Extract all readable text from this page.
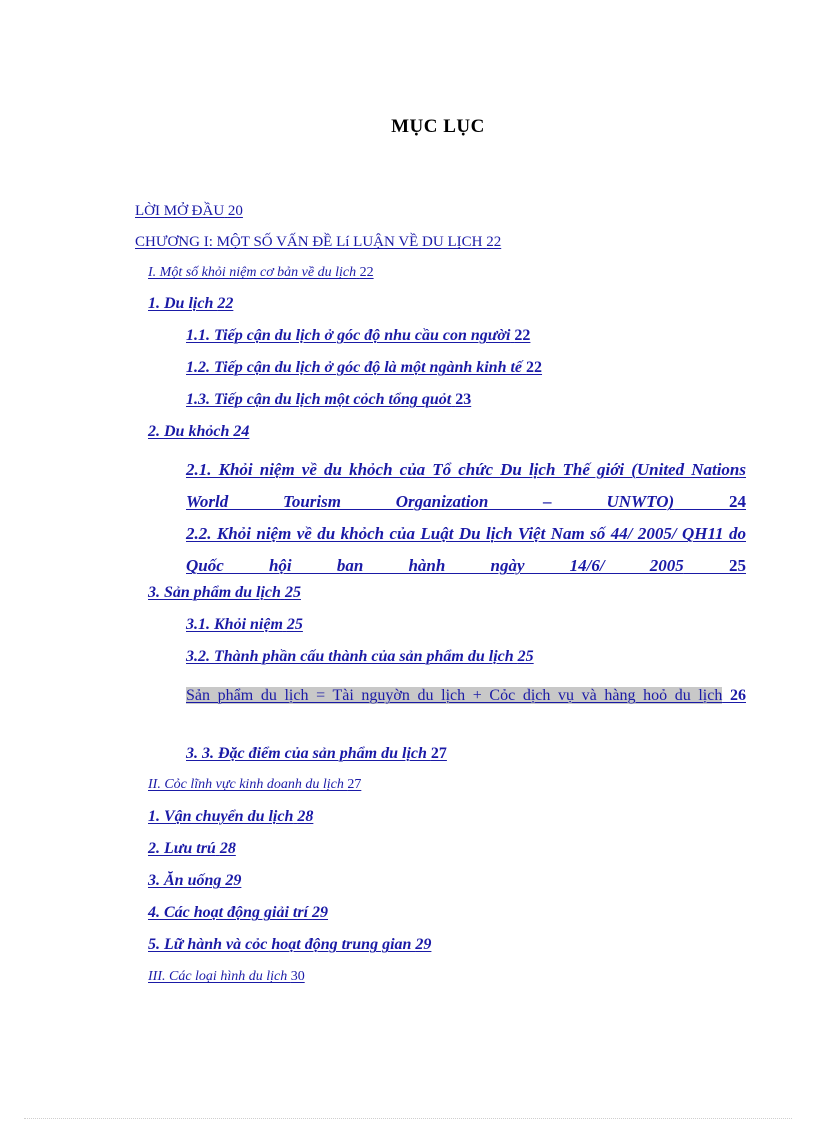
MỤC LỤC
LỜI MỞ ĐẦU 20
CHƯƠNG I: MỘT SỐ VẤN ĐỀ Lí LUẬN VỀ DU LỊCH 22
I. Một số khỏi niệm cơ bản về du lịch 22
1. Du lịch 22
1.1. Tiếp cận du lịch ở góc độ nhu cầu con người 22
1.2. Tiếp cận du lịch ở góc độ là một ngành kinh tế 22
1.3. Tiếp cận du lịch một cỏch tổng quỏt 23
2. Du khỏch 24
2.1. Khỏi niệm về du khỏch của Tổ chức Du lịch Thế giới (United Nations World Tourism Organization – UNWTO)	24
2.2. Khỏi niệm về du khỏch của Luật Du lịch Việt Nam số 44/ 2005/ QH11 do Quốc hội ban hành ngày 14/6/ 2005	25
3. Sản phẩm du lịch 25
3.1. Khỏi niệm 25
3.2. Thành phần cấu thành của sản phẩm du lịch 25
Sản phẩm du lịch = Tài nguyờn du lịch + Cỏc dịch vụ và hàng hoỏ du lịch 26
3. 3. Đặc điểm của sản phẩm du lịch 27
II. Cỏc lĩnh vực kinh doanh du lịch 27
1. Vận chuyển du lịch 28
2. Lưu trú 28
3. Ăn uống 29
4. Các hoạt động giải trí 29
5. Lữ hành và cỏc hoạt động trung gian 29
III. Các loại hình du lịch 30
